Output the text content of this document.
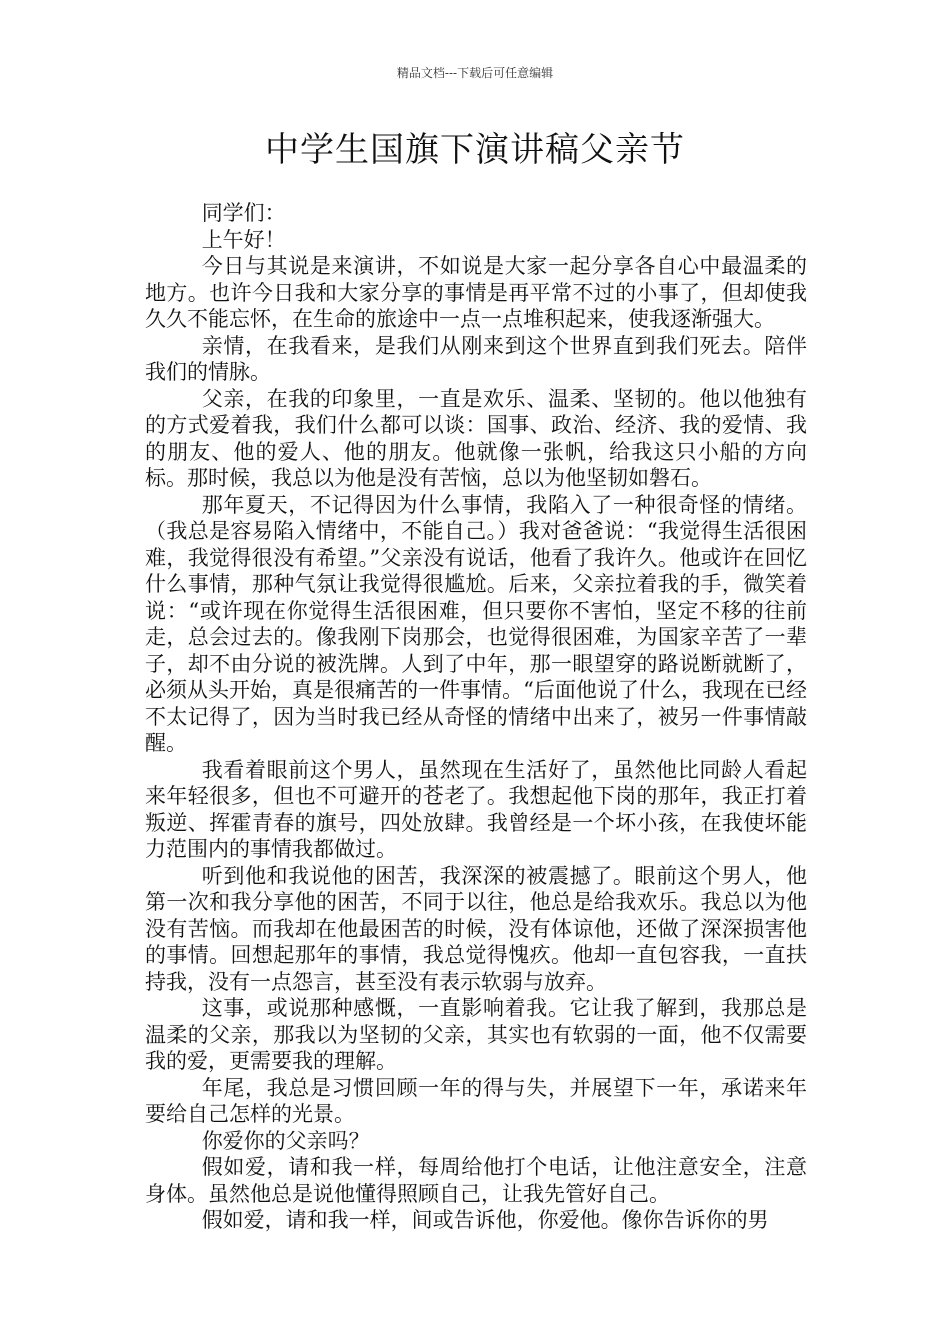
精品文档---下载后可任意编辑
中学生国旗下演讲稿父亲节

同学们：

上午好！

今日与其说是来演讲，不如说是大家一起分享各自心中最温柔的地方。也许今日我和大家分享的事情是再平常不过的小事了，但却使我久久不能忘怀，在生命的旅途中一点一点堆积起来，使我逐渐强大。

亲情，在我看来，是我们从刚来到这个世界直到我们死去。陪伴我们的情脉。

父亲，在我的印象里，一直是欢乐、温柔、坚韧的。他以他独有的方式爱着我，我们什么都可以谈：国事、政治、经济、我的爱情、我的朋友、他的爱人、他的朋友。他就像一张帆，给我这只小船的方向标。那时候，我总以为他是没有苦恼，总以为他坚韧如磐石。

那年夏天，不记得因为什么事情，我陷入了一种很奇怪的情绪。（我总是容易陷入情绪中，不能自己。）我对爸爸说：“我觉得生活很困难，我觉得很没有希望。”父亲没有说话，他看了我许久。他或许在回忆什么事情，那种气氛让我觉得很尴尬。后来，父亲拉着我的手，微笑着说：“或许现在你觉得生活很困难，但只要你不害怕，坚定不移的往前走，总会过去的。像我刚下岗那会，也觉得很困难，为国家辛苦了一辈子，却不由分说的被洗牌。人到了中年，那一眼望穿的路说断就断了，必须从头开始，真是很痛苦的一件事情。“后面他说了什么，我现在已经不太记得了，因为当时我已经从奇怪的情绪中出来了，被另一件事情敲醒。

我看着眼前这个男人，虽然现在生活好了，虽然他比同龄人看起来年轻很多，但也不可避开的苍老了。我想起他下岗的那年，我正打着叛逆、挥霍青春的旗号，四处放肆。我曾经是一个坏小孩，在我使坏能力范围内的事情我都做过。

听到他和我说他的困苦，我深深的被震撼了。眼前这个男人，他第一次和我分享他的困苦，不同于以往，他总是给我欢乐。我总以为他没有苦恼。而我却在他最困苦的时候，没有体谅他，还做了深深损害他的事情。回想起那年的事情，我总觉得愧疚。他却一直包容我，一直扶持我，没有一点怨言，甚至没有表示软弱与放弃。

这事，或说那种感慨，一直影响着我。它让我了解到，我那总是温柔的父亲，那我以为坚韧的父亲，其实也有软弱的一面，他不仅需要我的爱，更需要我的理解。

年尾，我总是习惯回顾一年的得与失，并展望下一年，承诺来年要给自己怎样的光景。

你爱你的父亲吗？

假如爱，请和我一样，每周给他打个电话，让他注意安全，注意身体。虽然他总是说他懂得照顾自己，让我先管好自己。

假如爱，请和我一样，间或告诉他，你爱他。像你告诉你的男
